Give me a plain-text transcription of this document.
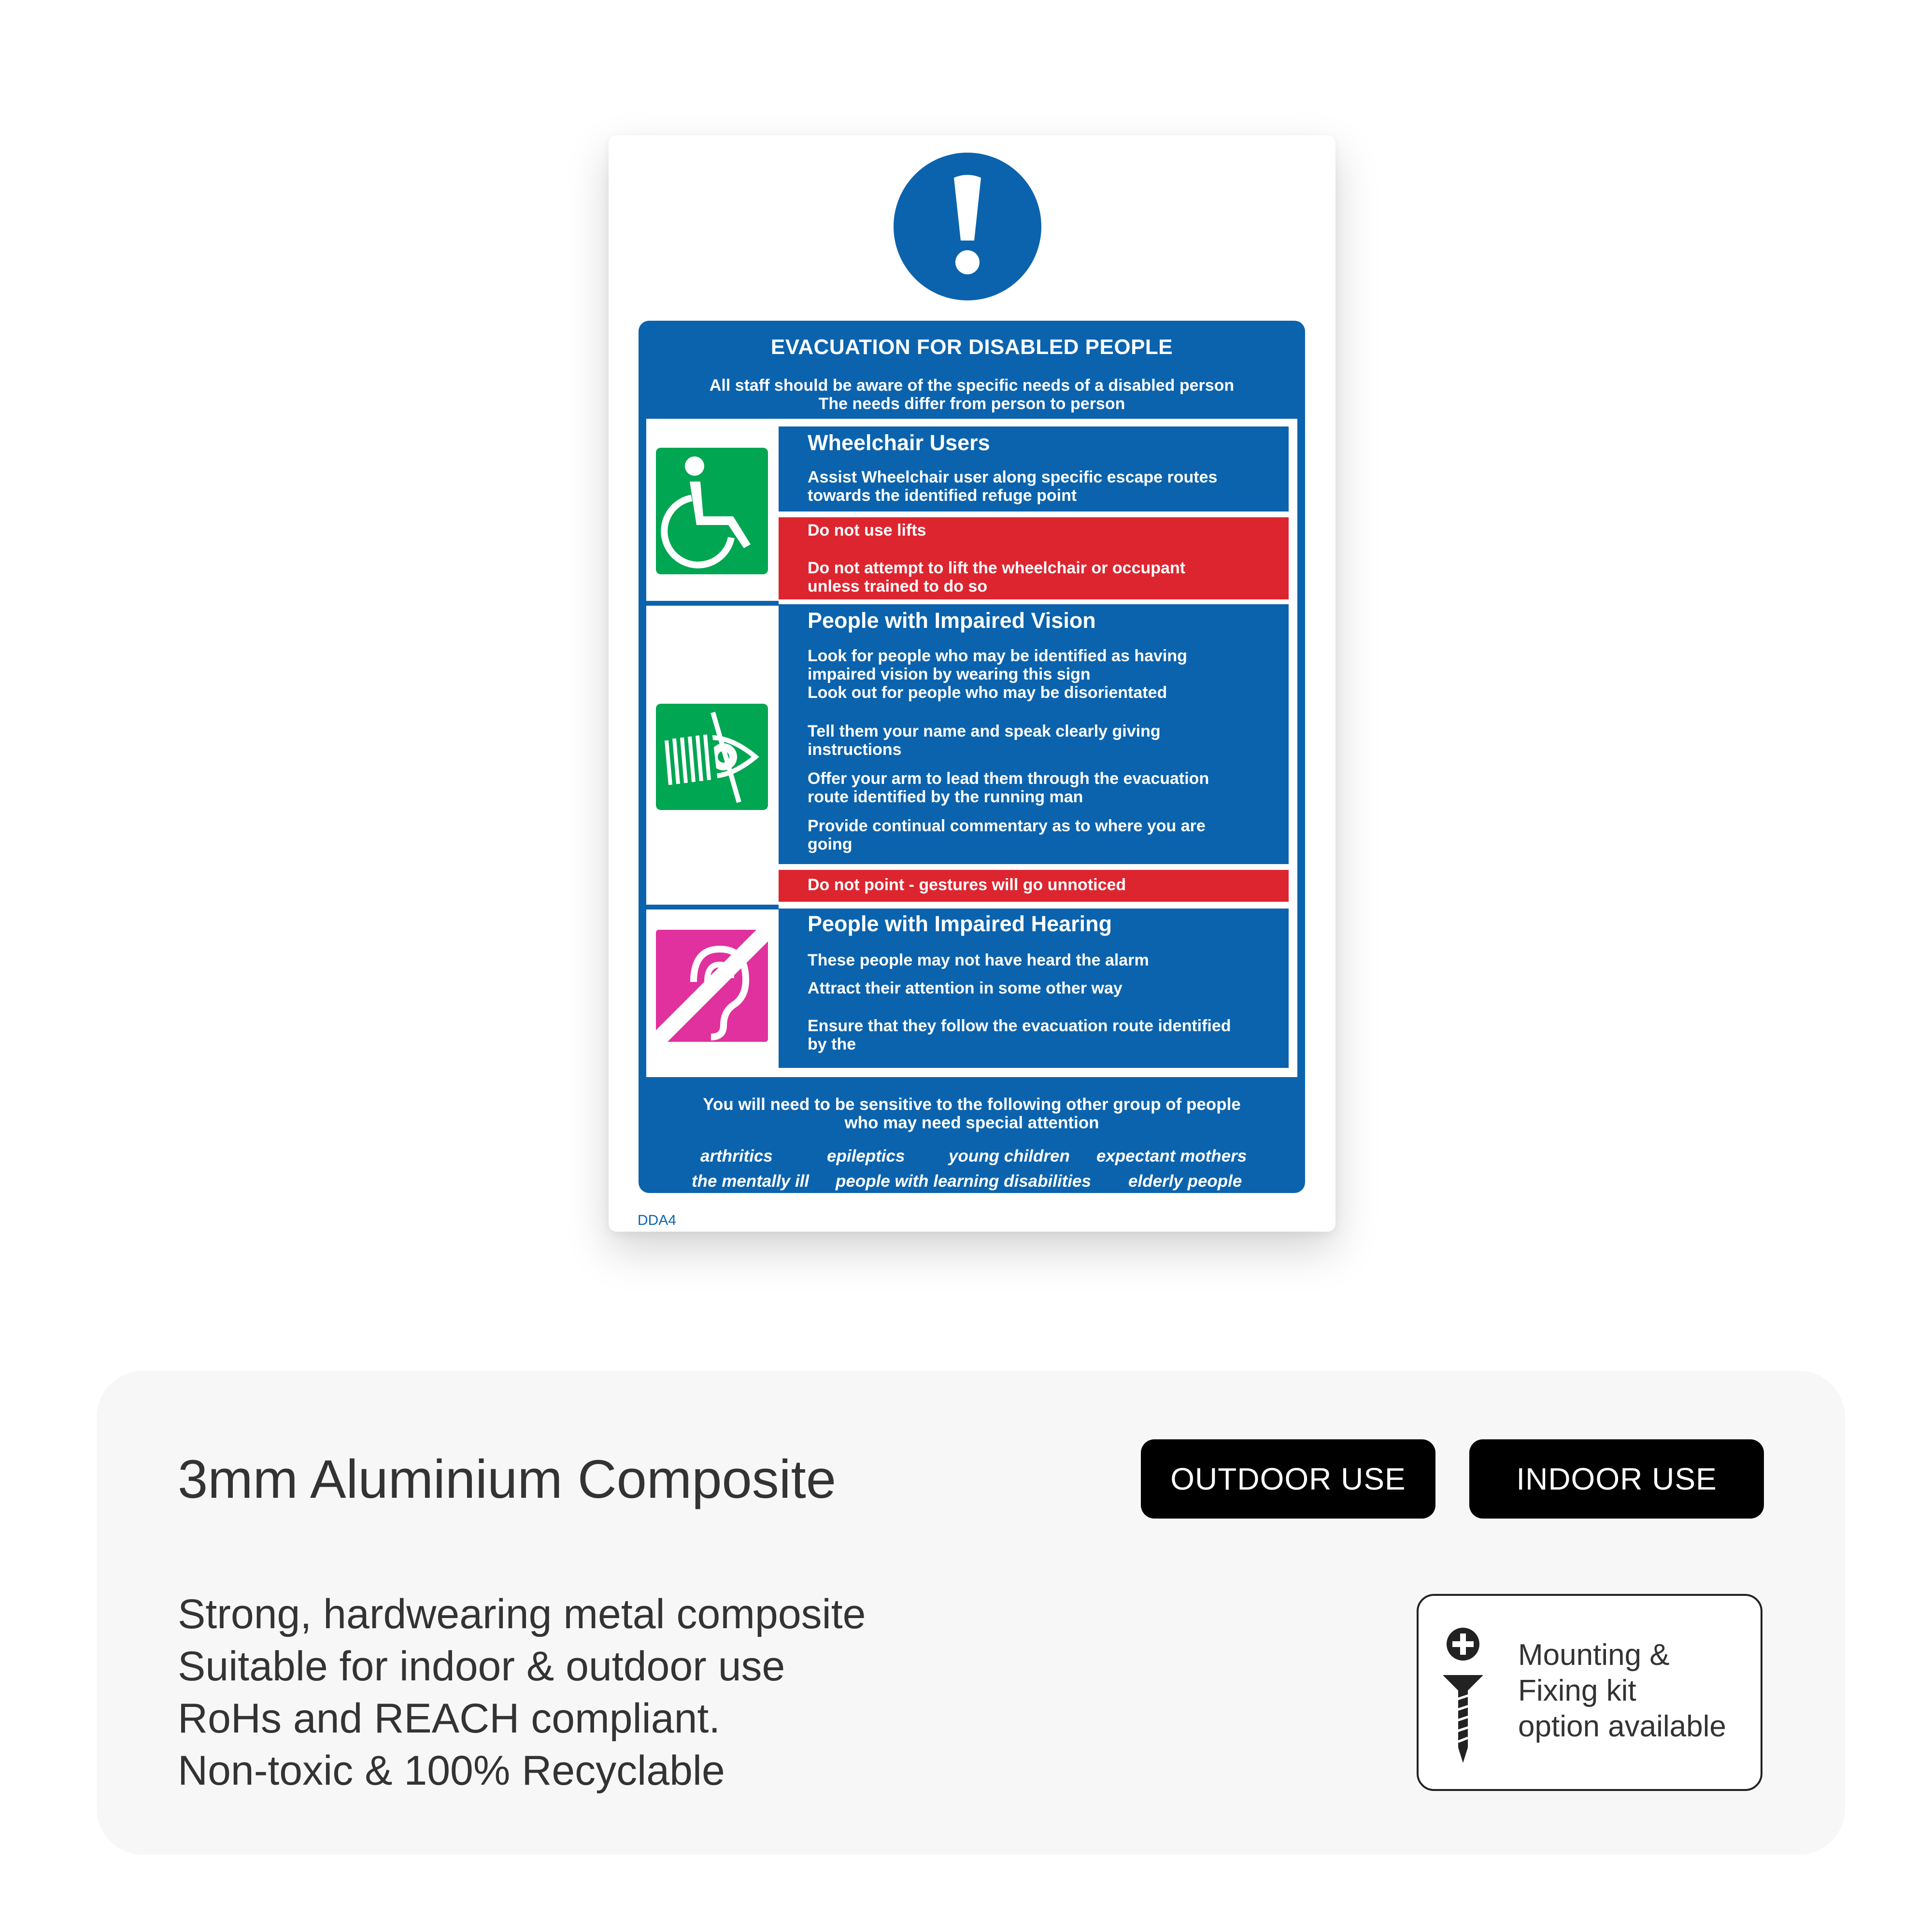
EVACUATION FOR DISABLED PEOPLE
All staff should be aware of the specific needs of a disabled person
The needs differ from person to person
Wheelchair Users
Assist Wheelchair user along specific escape routes
towards the identified refuge point
Do not use lifts
Do not attempt to lift the wheelchair or occupant
unless trained to do so
People with Impaired Vision
Look for people who may be identified as having
impaired vision by wearing this sign
Look out for people who may be disorientated
Tell them your name and speak clearly giving
instructions
Offer your arm to lead them through the evacuation
route identified by the running man
Provide continual commentary as to where you are
going
Do not point - gestures will go unnoticed
People with Impaired Hearing
These people may not have heard the alarm
Attract their attention in some other way
Ensure that they follow the evacuation route identified
by the
You will need to be sensitive to the following other group of people
who may need special attention
arthritics	epileptics	young children expectant mothers
the mentally ill people with learning disabilities elderly people
DDA4
3mm Aluminium Composite	OUTDOOR USE	INDOOR USE
Strong, hardwearing metal composite
Suitable for indoor & outdoor use
RoHs and REACH compliant.
Non-toxic & 100% Recyclable
Mounting &
Fixing kit
option available
